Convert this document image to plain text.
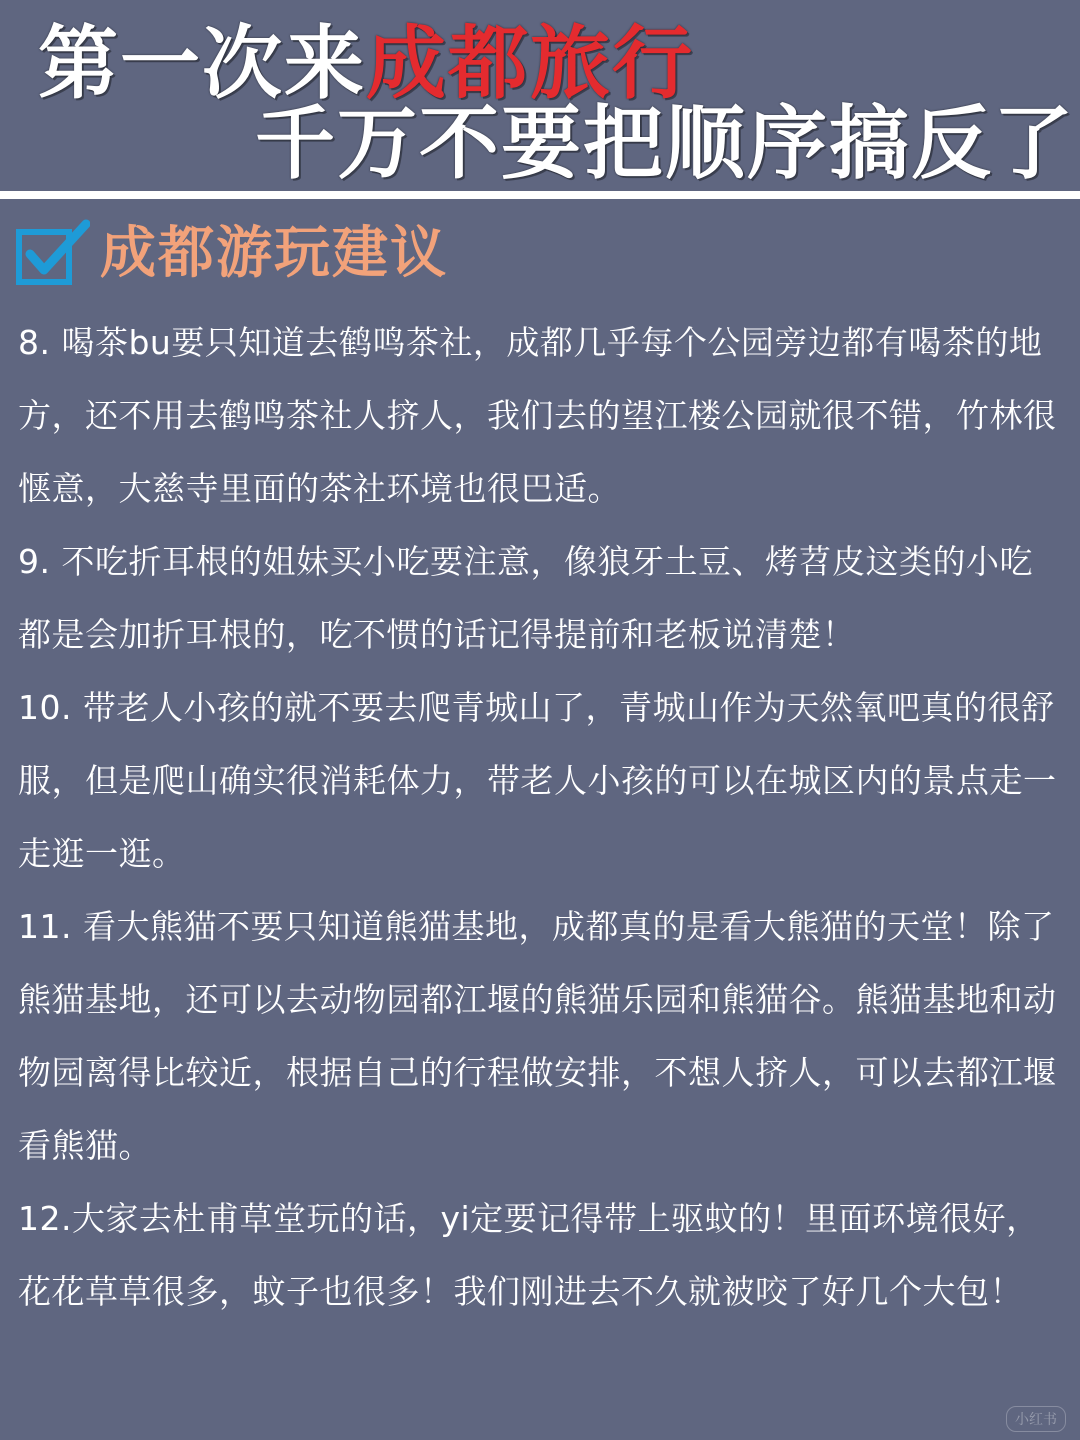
第一次来成都旅行
千万不要把顺序搞反了
成都游玩建议

8. 喝茶bu要只知道去鹤鸣茶社，成都几乎每个公园旁边都有喝茶的地方，还不用去鹤鸣茶社人挤人，我们去的望江楼公园就很不错，竹林很惬意，大慈寺里面的茶社环境也很巴适。

9. 不吃折耳根的姐妹买小吃要注意，像狼牙土豆、烤苕皮这类的小吃都是会加折耳根的，吃不惯的话记得提前和老板说清楚！

10. 带老人小孩的就不要去爬青城山了，青城山作为天然氧吧真的很舒服，但是爬山确实很消耗体力，带老人小孩的可以在城区内的景点走一走逛一逛。

11. 看大熊猫不要只知道熊猫基地，成都真的是看大熊猫的天堂！除了熊猫基地，还可以去动物园都江堰的熊猫乐园和熊猫谷。熊猫基地和动物园离得比较近，根据自己的行程做安排，不想人挤人，可以去都江堰看熊猫。

12.大家去杜甫草堂玩的话，yi定要记得带上驱蚊的！里面环境很好，花花草草很多，蚊子也很多！我们刚进去不久就被咬了好几个大包！

小红书
